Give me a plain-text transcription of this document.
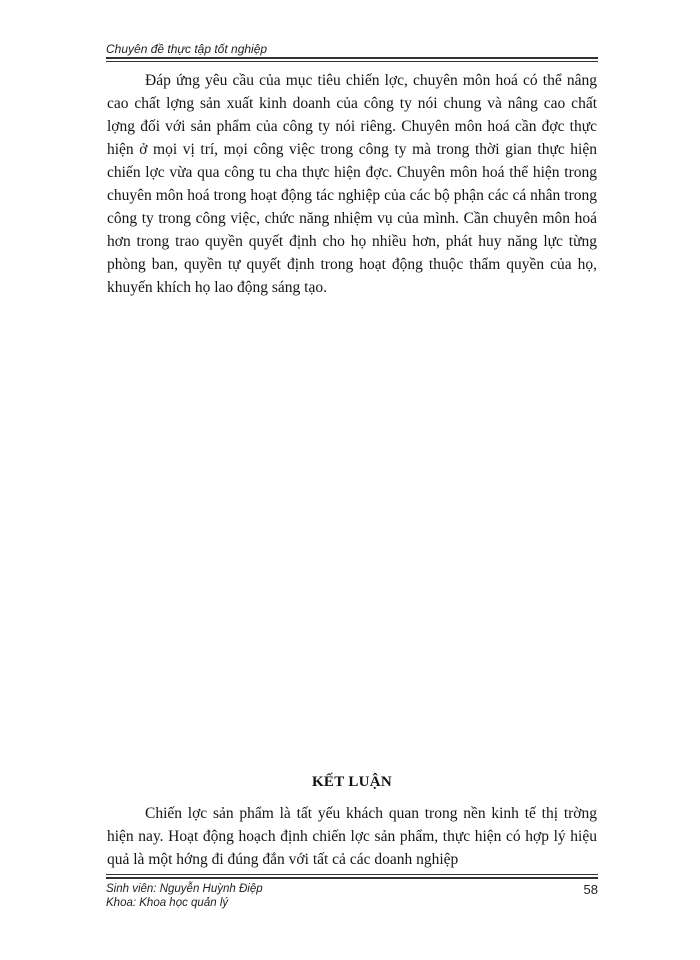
Chuyên đề thực tập tốt nghiệp

Đáp ứng yêu cầu của mục tiêu chiến lợc, chuyên môn hoá có thể nâng cao chất lợng sản xuất kinh doanh của công ty nói chung và nâng cao chất lợng đối với sản phẩm của công ty nói riêng. Chuyên môn hoá cần đợc thực hiện ở mọi vị trí, mọi công việc trong công ty mà trong thời gian thực hiện chiến lợc vừa qua công tu cha thực hiện đợc. Chuyên môn hoá thể hiện trong chuyên môn hoá trong hoạt động tác nghiệp của các bộ phận các cá nhân trong công ty trong công việc, chức năng nhiệm vụ của mình. Cần chuyên môn hoá hơn trong trao quyền quyết định cho họ nhiều hơn, phát huy năng lực từng phòng ban, quyền tự quyết định trong hoạt động thuộc thẩm quyền của họ, khuyến khích họ lao động sáng tạo.

KẾT LUẬN

Chiến lợc sản phẩm là tất yếu khách quan trong nền kinh tế thị trờng hiện nay. Hoạt động hoạch định chiến lợc sản phẩm, thực hiện có hợp lý hiệu quả là một hớng đi đúng đắn với tất cả các doanh nghiệp

Sinh viên: Nguyễn Huỳnh Điệp
Khoa: Khoa học quản lý
58
